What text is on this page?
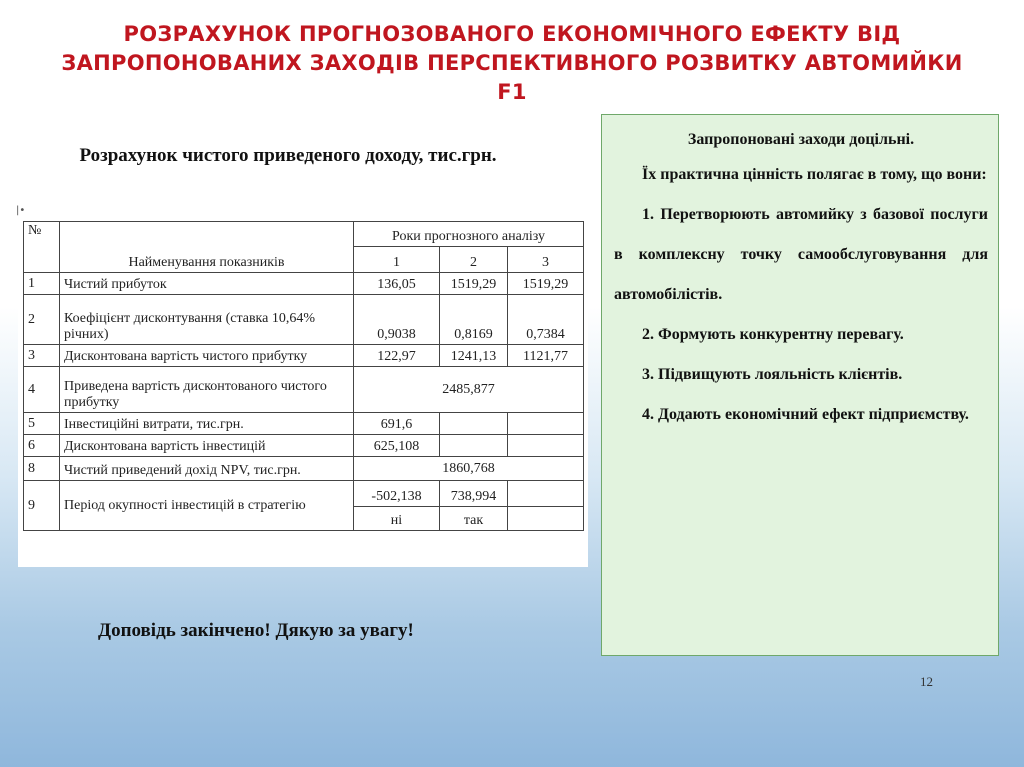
РОЗРАХУНОК ПРОГНОЗОВАНОГО ЕКОНОМІЧНОГО ЕФЕКТУ ВІД ЗАПРОПОНОВАНИХ ЗАХОДІВ ПЕРСПЕКТИВНОГО РОЗВИТКУ АВТОМИЙКИ F1

Розрахунок чистого приведеного доходу, тис.грн.

|•
№	Найменування показників	Роки прогнозного аналізу		
		1	2	3
1	Чистий прибуток	136,05	1519,29	1519,29
2	Коефіцієнт дисконтування (ставка 10,64% річних)	0,9038	0,8169	0,7384
3	Дисконтована вартість чистого прибутку	122,97	1241,13	1121,77
4	Приведена вартість дисконтованого чистого прибутку	2485,877		
5	Інвестиційні витрати, тис.грн.	691,6		
6	Дисконтована вартість інвестицій	625,108		
8	Чистий приведений дохід NPV, тис.грн.	1860,768		
9	Період окупності інвестицій в стратегію	-502,138	738,994	
		ні	так	

Доповідь закінчено! Дякую за увагу!

Запропоновані заходи доцільні.

Їх практична цінність полягає в тому, що вони:

1. Перетворюють автомийку з базової послуги в комплексну точку самообслуговування для автомобілістів.

2. Формують конкурентну перевагу.

3. Підвищують лояльність клієнтів.

4. Додають економічний ефект підприємству.

12
